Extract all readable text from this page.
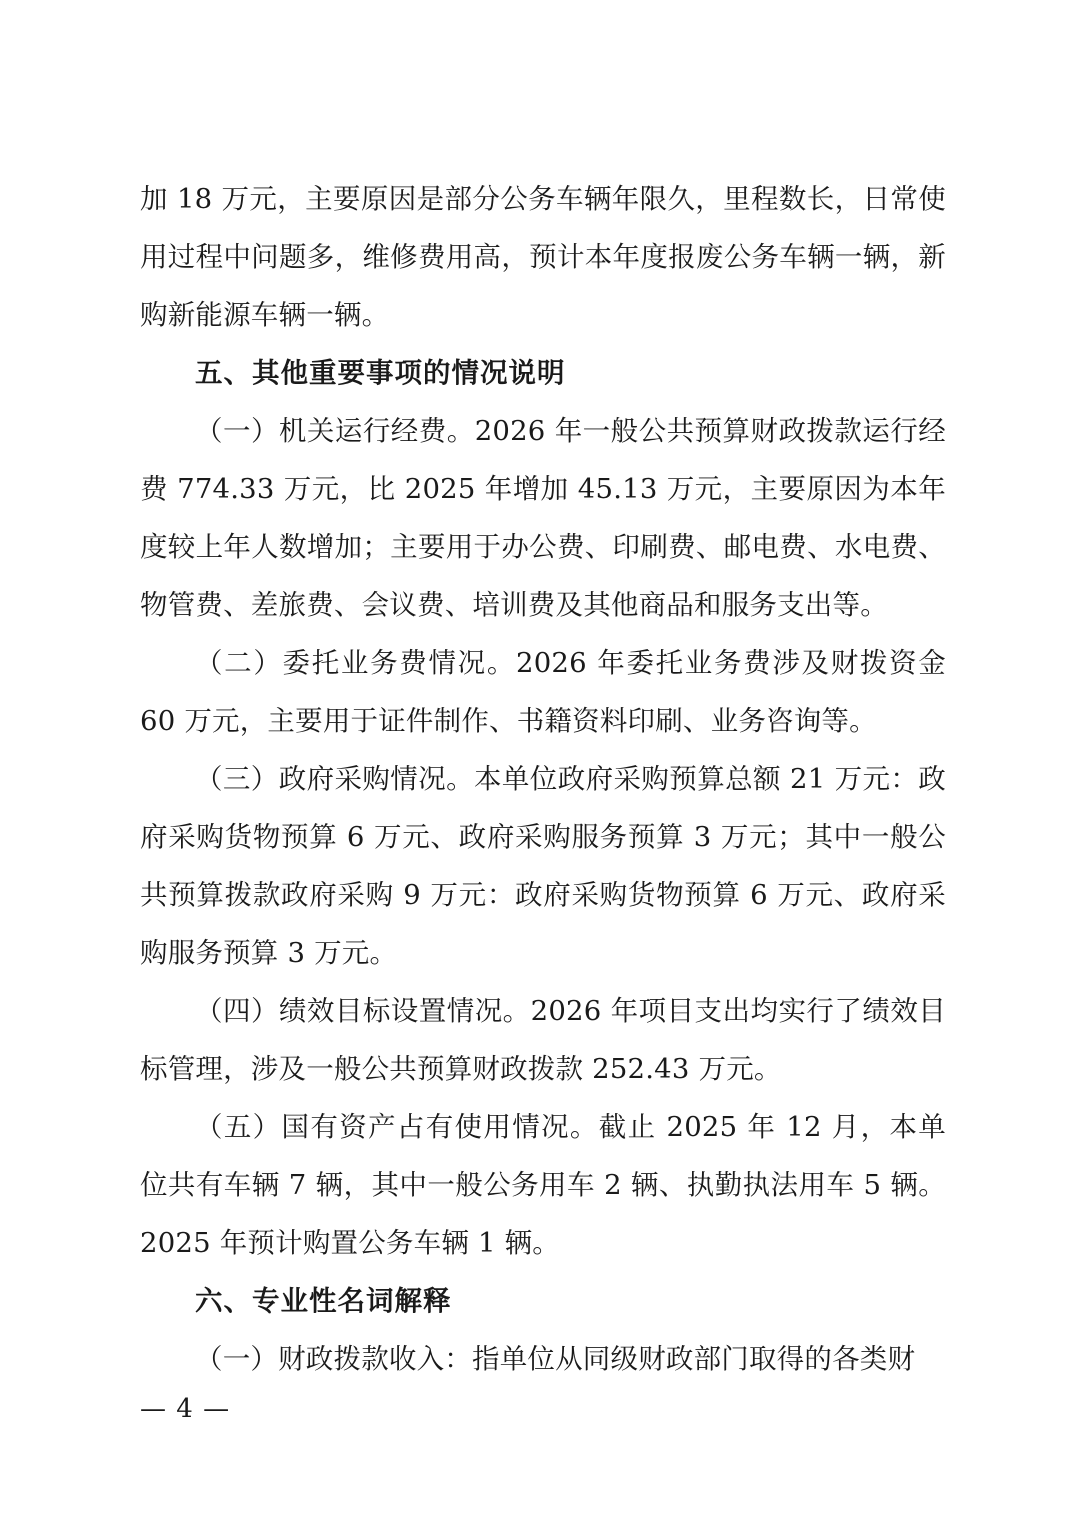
加 18 万元，主要原因是部分公务车辆年限久，里程数长，日常使用过程中问题多，维修费用高，预计本年度报废公务车辆一辆，新购新能源车辆一辆。

五、其他重要事项的情况说明

（一）机关运行经费。2026 年一般公共预算财政拨款运行经费 774.33 万元，比 2025 年增加 45.13 万元，主要原因为本年度较上年人数增加；主要用于办公费、印刷费、邮电费、水电费、物管费、差旅费、会议费、培训费及其他商品和服务支出等。

（二）委托业务费情况。2026 年委托业务费涉及财拨资金 60 万元，主要用于证件制作、书籍资料印刷、业务咨询等。

（三）政府采购情况。本单位政府采购预算总额 21 万元：政府采购货物预算 6 万元、政府采购服务预算 3 万元；其中一般公共预算拨款政府采购 9 万元：政府采购货物预算 6 万元、政府采购服务预算 3 万元。

（四）绩效目标设置情况。2026 年项目支出均实行了绩效目标管理，涉及一般公共预算财政拨款 252.43 万元。

（五）国有资产占有使用情况。截止 2025 年 12 月，本单位共有车辆 7 辆，其中一般公务用车 2 辆、执勤执法用车 5 辆。2025 年预计购置公务车辆 1 辆。

六、专业性名词解释

（一）财政拨款收入：指单位从同级财政部门取得的各类财

— 4 —
